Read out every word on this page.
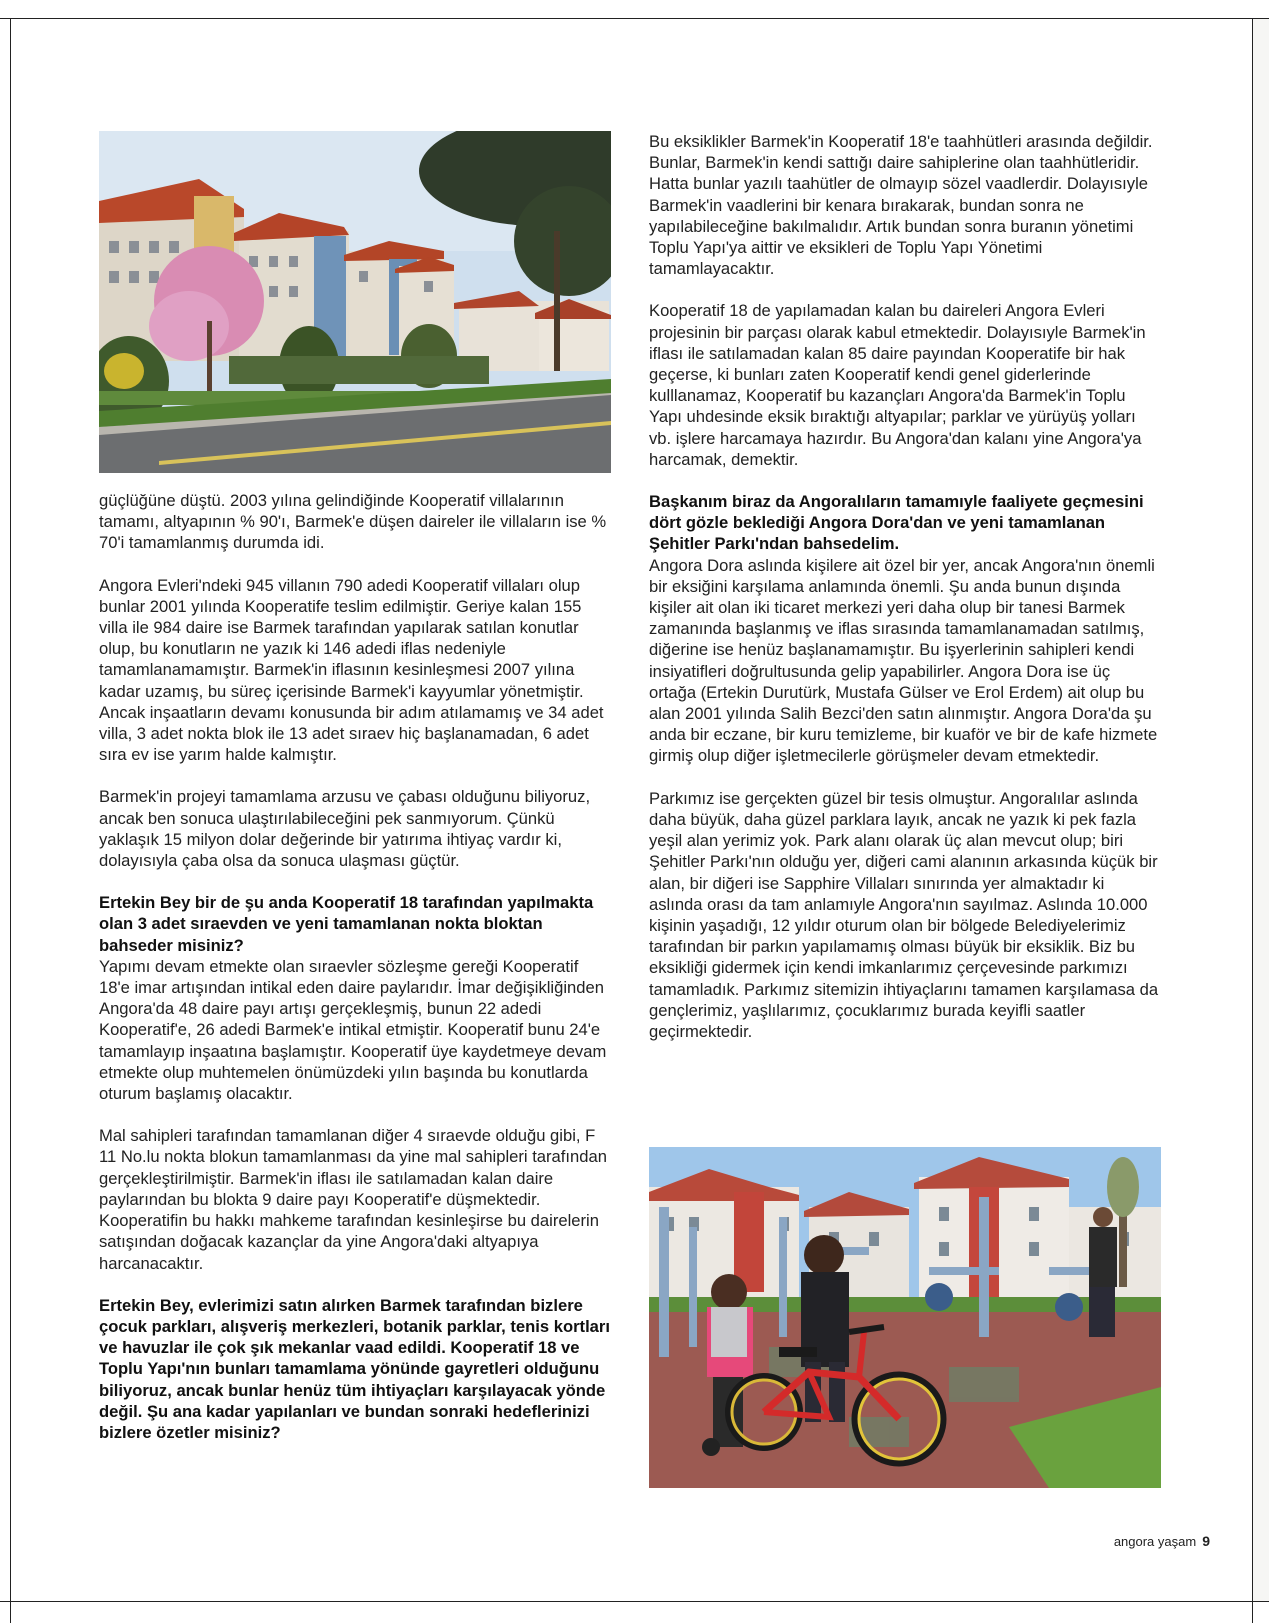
güçlüğüne düştü. 2003 yılına gelindiğinde Kooperatif villalarının tamamı, altyapının % 90'ı, Barmek'e düşen daireler ile villaların ise % 70'i tamamlanmış durumda idi.

Angora Evleri'ndeki 945 villanın 790 adedi Kooperatif villaları olup bunlar 2001 yılında Kooperatife teslim edilmiştir. Geriye kalan 155 villa ile 984 daire ise Barmek tarafından yapılarak satılan konutlar olup, bu konutların ne yazık ki 146 adedi iflas nedeniyle tamamlanamamıştır. Barmek'in iflasının kesinleşmesi 2007 yılına kadar uzamış, bu süreç içerisinde Barmek'i kayyumlar yönetmiştir. Ancak inşaatların devamı konusunda bir adım atılamamış ve 34 adet villa, 3 adet nokta blok ile 13 adet sıraev hiç başlanamadan, 6 adet sıra ev ise yarım halde kalmıştır.

Barmek'in projeyi tamamlama arzusu ve çabası olduğunu biliyoruz, ancak ben sonuca ulaştırılabileceğini pek sanmıyorum. Çünkü yaklaşık 15 milyon dolar değerinde bir yatırıma ihtiyaç vardır ki, dolayısıyla çaba olsa da sonuca ulaşması güçtür.

Ertekin Bey bir de şu anda Kooperatif 18 tarafından yapılmakta olan 3 adet sıraevden ve yeni tamamlanan nokta bloktan bahseder misiniz?

Yapımı devam etmekte olan sıraevler sözleşme gereği Kooperatif 18'e imar artışından intikal eden daire paylarıdır. İmar değişikliğinden Angora'da 48 daire payı artışı gerçekleşmiş, bunun 22 adedi Kooperatif'e, 26 adedi Barmek'e intikal etmiştir. Kooperatif bunu 24'e tamamlayıp inşaatına başlamıştır. Kooperatif üye kaydetmeye devam etmekte olup muhtemelen önümüzdeki yılın başında bu konutlarda oturum başlamış olacaktır.

Mal sahipleri tarafından tamamlanan diğer 4 sıraevde olduğu gibi, F 11 No.lu nokta blokun tamamlanması da yine mal sahipleri tarafından gerçekleştirilmiştir. Barmek'in iflası ile satılamadan kalan daire paylarından bu blokta 9 daire payı Kooperatif'e düşmektedir. Kooperatifin bu hakkı mahkeme tarafından kesinleşirse bu dairelerin satışından doğacak kazançlar da yine Angora'daki altyapıya harcanacaktır.

Ertekin Bey, evlerimizi satın alırken Barmek tarafından bizlere çocuk parkları, alışveriş merkezleri, botanik parklar, tenis kortları ve havuzlar ile çok şık mekanlar vaad edildi. Kooperatif 18 ve Toplu Yapı'nın bunları tamamlama yönünde gayretleri olduğunu biliyoruz, ancak bunlar henüz tüm ihtiyaçları karşılayacak yönde değil. Şu ana kadar yapılanları ve bundan sonraki hedeflerinizi bizlere özetler misiniz?

Bu eksiklikler Barmek'in Kooperatif 18'e taahhütleri arasında değildir. Bunlar, Barmek'in kendi sattığı daire sahiplerine olan taahhütleridir. Hatta bunlar yazılı taahütler de olmayıp sözel vaadlerdir. Dolayısıyle Barmek'in vaadlerini bir kenara bırakarak, bundan sonra ne yapılabileceğine bakılmalıdır. Artık bundan sonra buranın yönetimi Toplu Yapı'ya aittir ve eksikleri de Toplu Yapı Yönetimi tamamlayacaktır.

Kooperatif 18 de yapılamadan kalan bu daireleri Angora Evleri projesinin bir parçası olarak kabul etmektedir. Dolayısıyle Barmek'in iflası ile satılamadan kalan 85 daire payından Kooperatife bir hak geçerse, ki bunları zaten Kooperatif kendi genel giderlerinde kulllanamaz, Kooperatif bu kazançları Angora'da Barmek'in Toplu Yapı uhdesinde eksik bıraktığı altyapılar; parklar ve yürüyüş yolları vb. işlere harcamaya hazırdır. Bu Angora'dan kalanı yine Angora'ya harcamak, demektir.

Başkanım biraz da Angoralıların tamamıyle faaliyete geçmesini dört gözle beklediği Angora Dora'dan ve yeni tamamlanan Şehitler Parkı'ndan bahsedelim.

Angora Dora aslında kişilere ait özel bir yer, ancak Angora'nın önemli bir eksiğini karşılama anlamında önemli. Şu anda bunun dışında kişiler ait olan iki ticaret merkezi yeri daha olup bir tanesi Barmek zamanında başlanmış ve iflas sırasında tamamlanamadan satılmış, diğerine ise henüz başlanamamıştır. Bu işyerlerinin sahipleri kendi insiyatifleri doğrultusunda gelip yapabilirler. Angora Dora ise üç ortağa (Ertekin Durutürk, Mustafa Gülser ve Erol Erdem) ait olup bu alan 2001 yılında Salih Bezci'den satın alınmıştır. Angora Dora'da şu anda bir eczane, bir kuru temizleme, bir kuaför ve bir de kafe hizmete girmiş olup diğer işletmecilerle görüşmeler devam etmektedir.

Parkımız ise gerçekten güzel bir tesis olmuştur. Angoralılar aslında daha büyük, daha güzel parklara layık, ancak ne yazık ki pek fazla yeşil alan yerimiz yok. Park alanı olarak üç alan mevcut olup; biri Şehitler Parkı'nın olduğu yer, diğeri cami alanının arkasında küçük bir alan, bir diğeri ise Sapphire Villaları sınırında yer almaktadır ki aslında orası da tam anlamıyle Angora'nın sayılmaz. Aslında 10.000 kişinin yaşadığı, 12 yıldır oturum olan bir bölgede Belediyelerimiz tarafından bir parkın yapılamamış olması büyük bir eksiklik. Biz bu eksikliği gidermek için kendi imkanlarımız çerçevesinde parkımızı tamamladık. Parkımız sitemizin ihtiyaçlarını tamamen karşılamasa da gençlerimiz, yaşlılarımız, çocuklarımız burada keyifli saatler geçirmektedir.

angora yaşam 9
